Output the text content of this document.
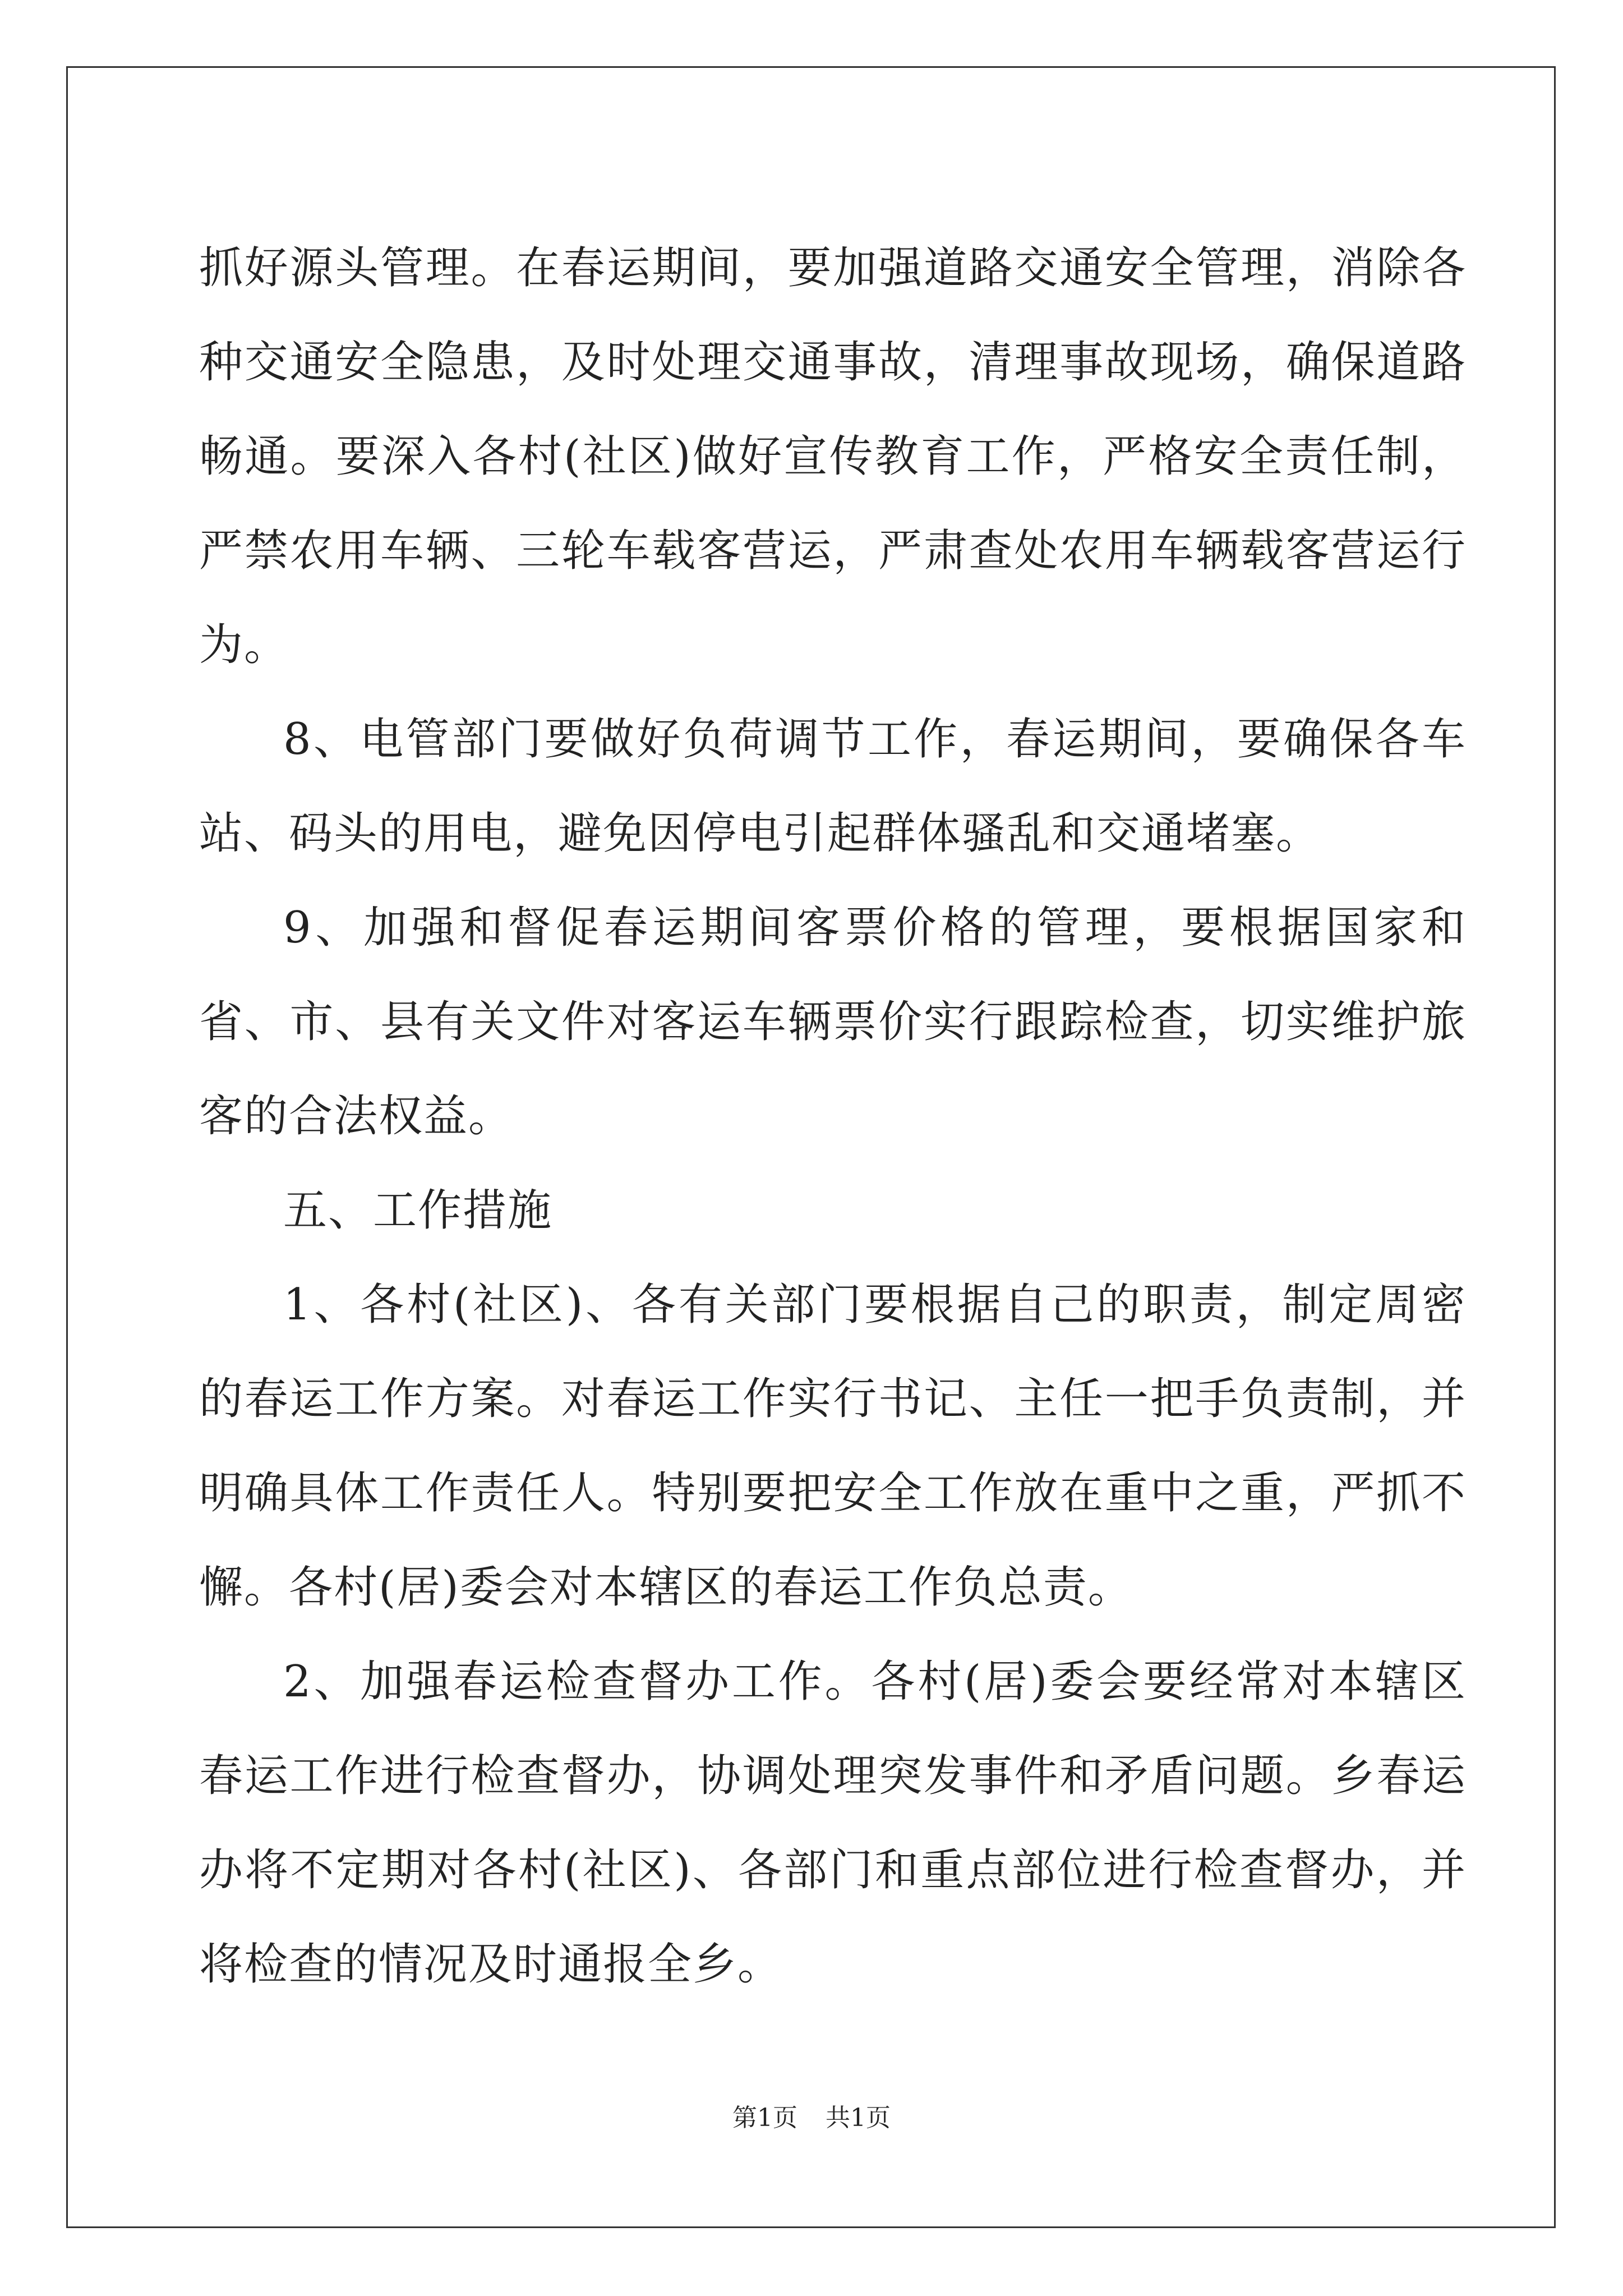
抓好源头管理。在春运期间，要加强道路交通安全管理，消除各种交通安全隐患，及时处理交通事故，清理事故现场，确保道路畅通。要深入各村(社区)做好宣传教育工作，严格安全责任制，严禁农用车辆、三轮车载客营运，严肃查处农用车辆载客营运行为。

8、电管部门要做好负荷调节工作，春运期间，要确保各车站、码头的用电，避免因停电引起群体骚乱和交通堵塞。

9、加强和督促春运期间客票价格的管理，要根据国家和省、市、县有关文件对客运车辆票价实行跟踪检查，切实维护旅客的合法权益。

五、工作措施

1、各村(社区)、各有关部门要根据自己的职责，制定周密的春运工作方案。对春运工作实行书记、主任一把手负责制，并明确具体工作责任人。特别要把安全工作放在重中之重，严抓不懈。各村(居)委会对本辖区的春运工作负总责。

2、加强春运检查督办工作。各村(居)委会要经常对本辖区春运工作进行检查督办，协调处理突发事件和矛盾问题。乡春运办将不定期对各村(社区)、各部门和重点部位进行检查督办，并将检查的情况及时通报全乡。

第1页 共1页
